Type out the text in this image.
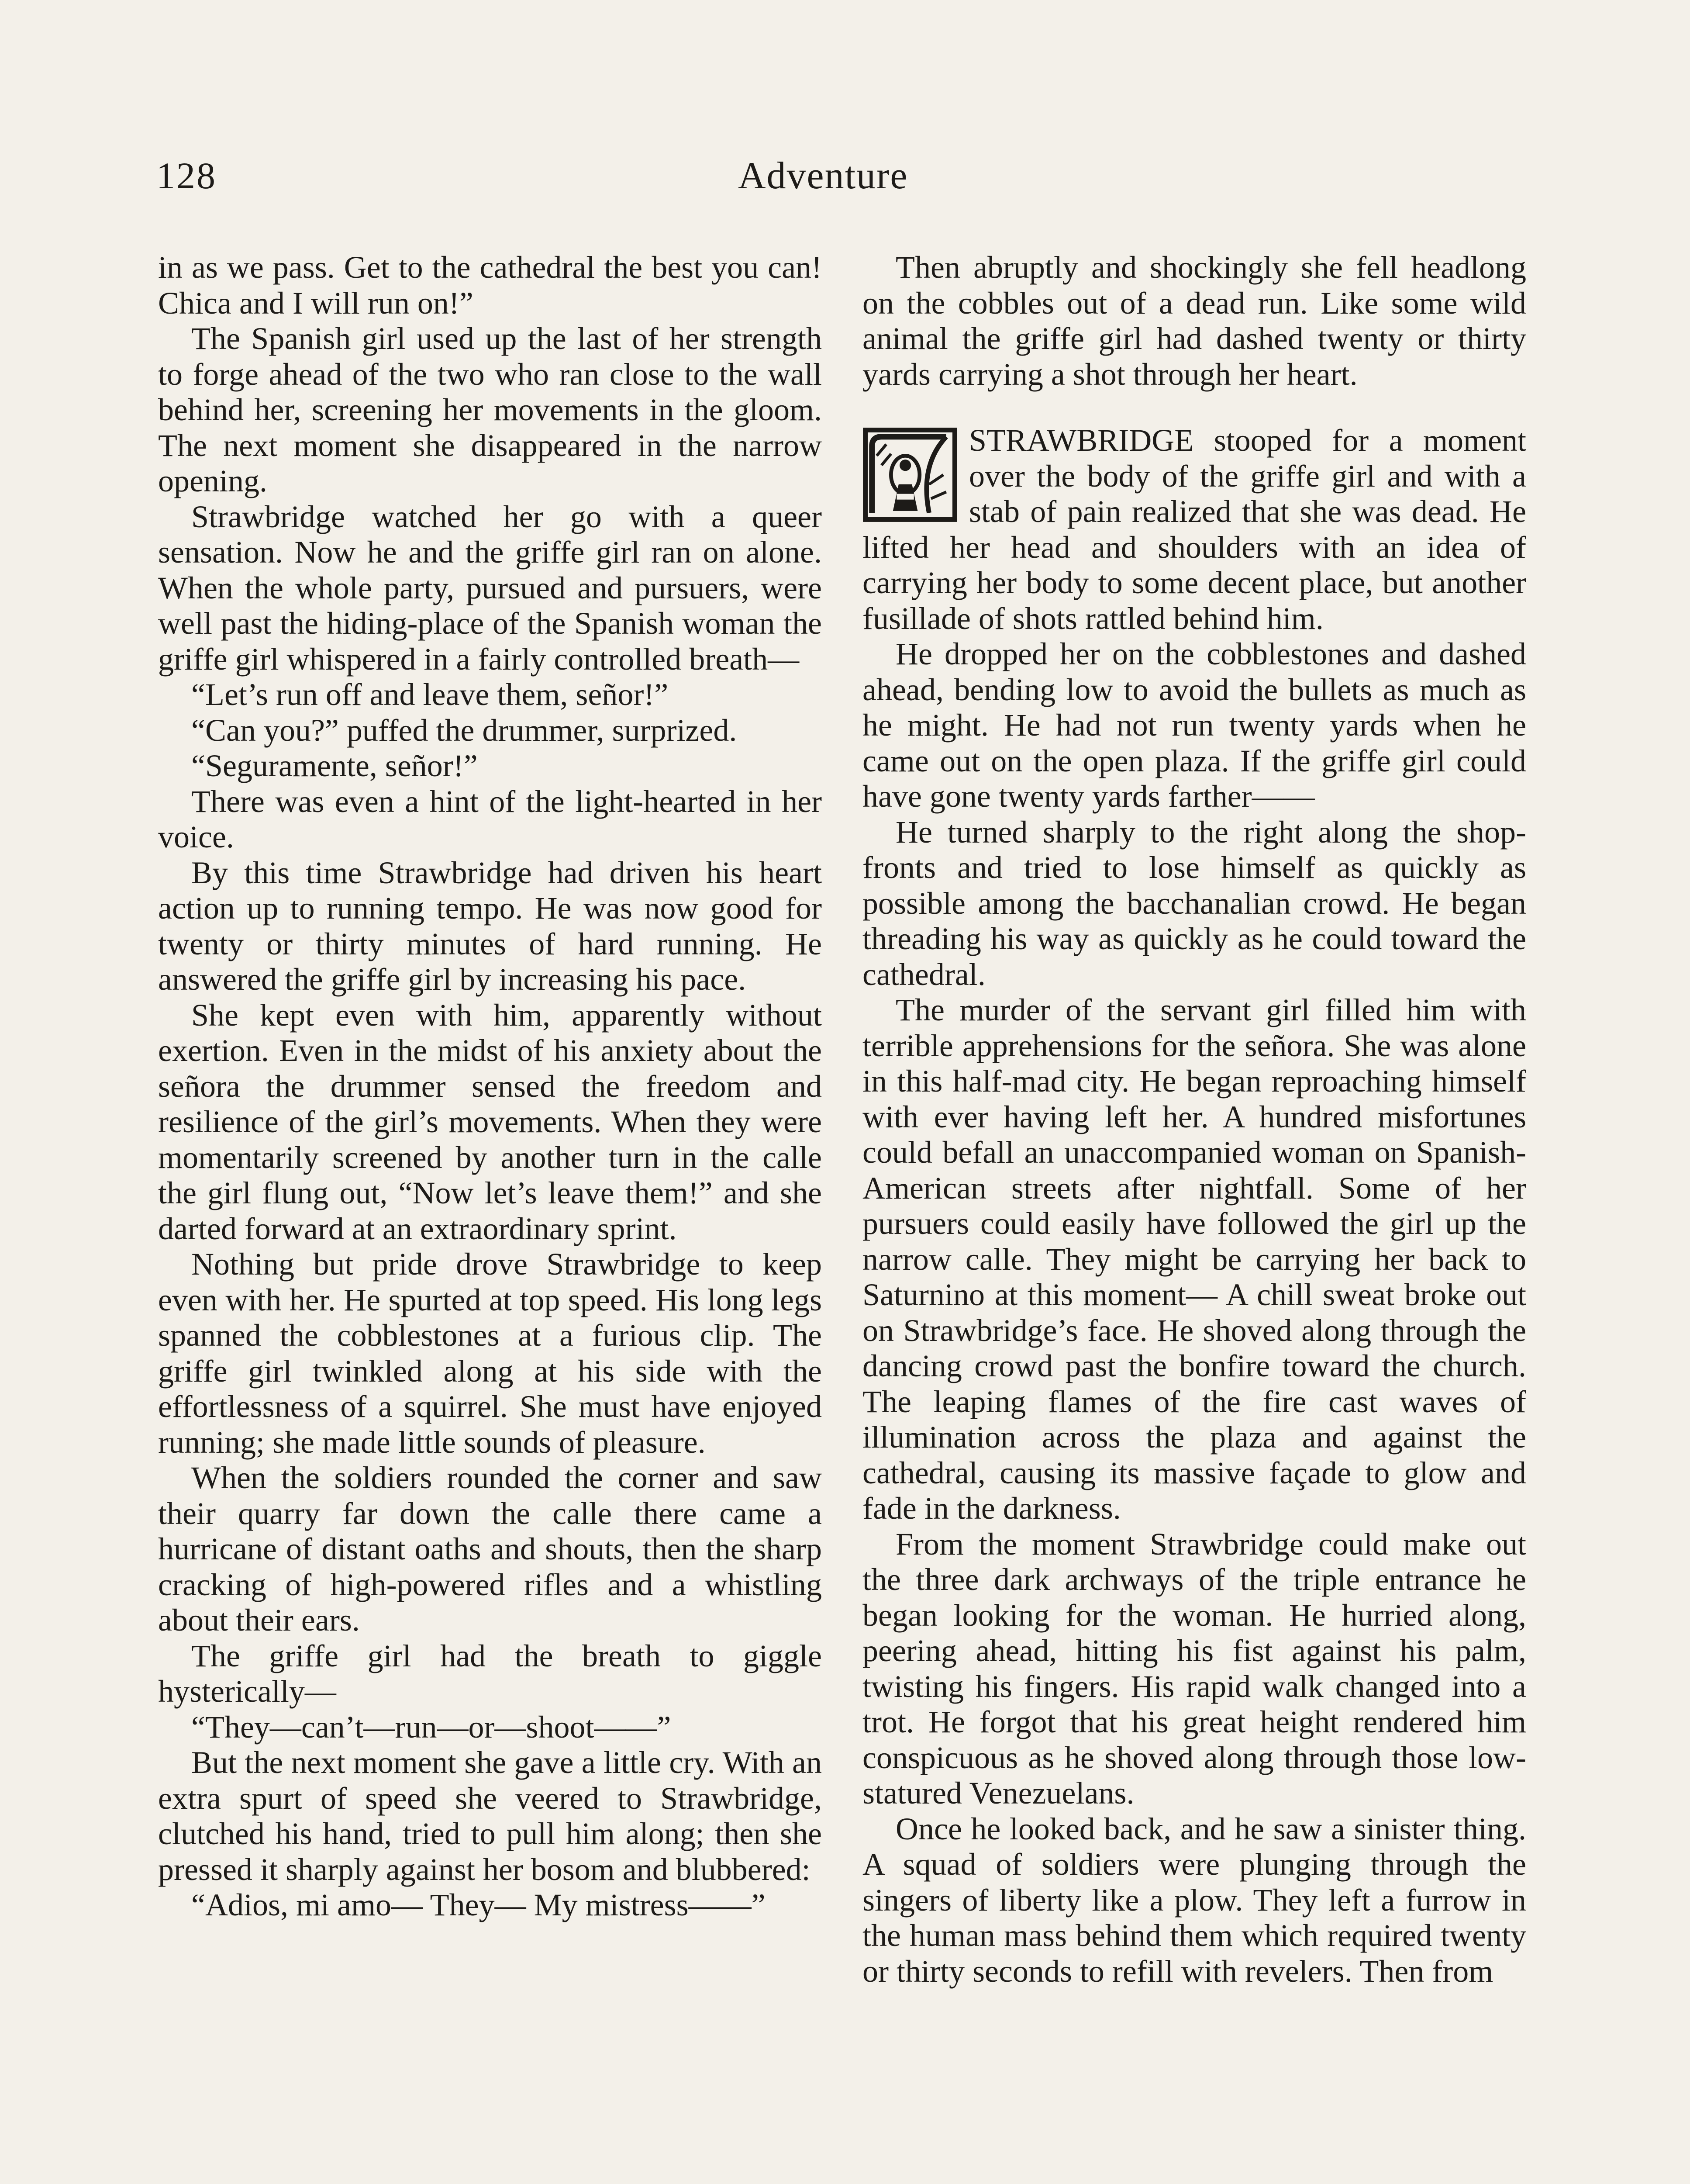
128	Adventure

in as we pass. Get to the cathedral the best you can! Chica and I will run on!”

The Spanish girl used up the last of her strength to forge ahead of the two who ran close to the wall behind her, screening her movements in the gloom. The next moment she disappeared in the narrow opening.

Strawbridge watched her go with a queer sensation. Now he and the griffe girl ran on alone. When the whole party, pursued and pursuers, were well past the hiding-place of the Spanish woman the griffe girl whispered in a fairly controlled breath—

“Let’s run off and leave them, señor!”

“Can you?” puffed the drummer, surprized.

“Seguramente, señor!”

There was even a hint of the light-hearted in her voice.

By this time Strawbridge had driven his heart action up to running tempo. He was now good for twenty or thirty minutes of hard running. He answered the griffe girl by increasing his pace.

She kept even with him, apparently without exertion. Even in the midst of his anxiety about the señora the drummer sensed the freedom and resilience of the girl’s movements. When they were momentarily screened by another turn in the calle the girl flung out, “Now let’s leave them!” and she darted forward at an extraordinary sprint.

Nothing but pride drove Strawbridge to keep even with her. He spurted at top speed. His long legs spanned the cobblestones at a furious clip. The griffe girl twinkled along at his side with the effortlessness of a squirrel. She must have enjoyed running; she made little sounds of pleasure.

When the soldiers rounded the corner and saw their quarry far down the calle there came a hurricane of distant oaths and shouts, then the sharp cracking of high-powered rifles and a whistling about their ears.

The griffe girl had the breath to giggle hysterically—

“They—can’t—run—or—shoot——”

But the next moment she gave a little cry. With an extra spurt of speed she veered to Strawbridge, clutched his hand, tried to pull him along; then she pressed it sharply against her bosom and blubbered:

“Adios, mi amo— They— My mistress——”

Then abruptly and shockingly she fell headlong on the cobbles out of a dead run. Like some wild animal the griffe girl had dashed twenty or thirty yards carrying a shot through her heart.

STRAWBRIDGE stooped for a moment over the body of the griffe girl and with a stab of pain realized that she was dead. He lifted her head and shoulders with an idea of carrying her body to some decent place, but another fusillade of shots rattled behind him.

He dropped her on the cobblestones and dashed ahead, bending low to avoid the bullets as much as he might. He had not run twenty yards when he came out on the open plaza. If the griffe girl could have gone twenty yards farther——

He turned sharply to the right along the shop-fronts and tried to lose himself as quickly as possible among the bacchanalian crowd. He began threading his way as quickly as he could toward the cathedral.

The murder of the servant girl filled him with terrible apprehensions for the señora. She was alone in this half-mad city. He began reproaching himself with ever having left her. A hundred misfortunes could befall an unaccompanied woman on Spanish-American streets after nightfall. Some of her pursuers could easily have followed the girl up the narrow calle. They might be carrying her back to Saturnino at this moment— A chill sweat broke out on Strawbridge’s face. He shoved along through the dancing crowd past the bonfire toward the church. The leaping flames of the fire cast waves of illumination across the plaza and against the cathedral, causing its massive façade to glow and fade in the darkness.

From the moment Strawbridge could make out the three dark archways of the triple entrance he began looking for the woman. He hurried along, peering ahead, hitting his fist against his palm, twisting his fingers. His rapid walk changed into a trot. He forgot that his great height rendered him conspicuous as he shoved along through those low-statured Venezuelans.

Once he looked back, and he saw a sinister thing. A squad of soldiers were plunging through the singers of liberty like a plow. They left a furrow in the human mass behind them which required twenty or thirty seconds to refill with revelers. Then from
